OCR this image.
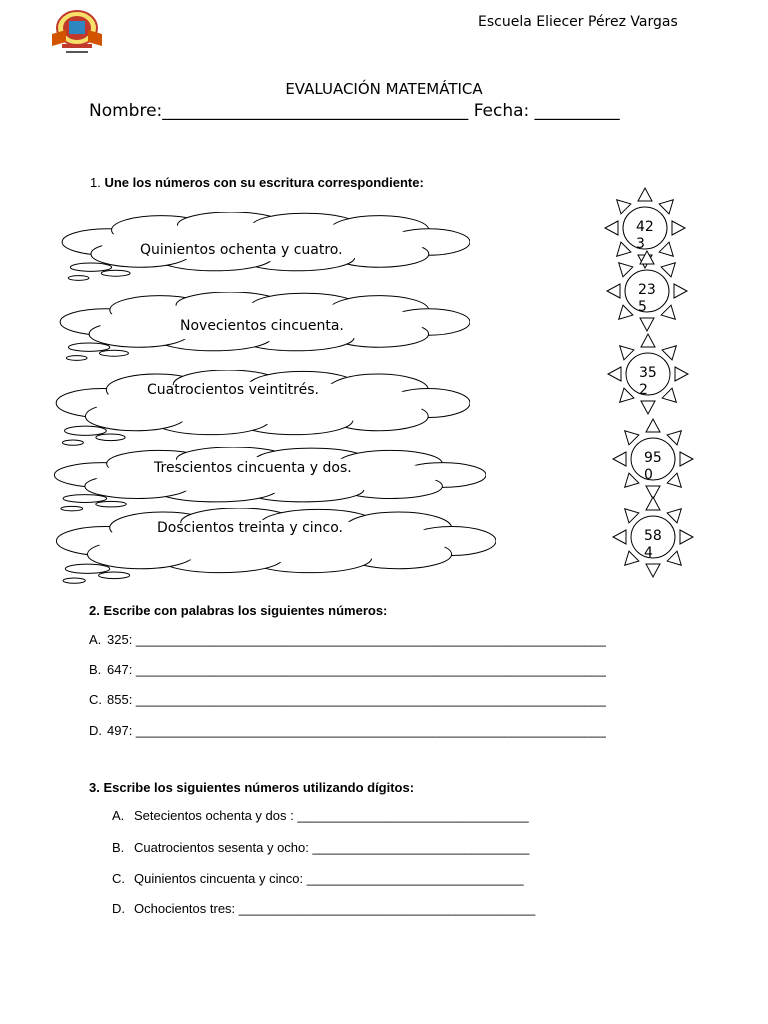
Escuela Eliecer Pérez Vargas
EVALUACIÓN MATEMÁTICA
Nombre:____________________________________ Fecha: __________
1. Une los números con su escritura correspondiente:
Quinientos ochenta y cuatro.
Novecientos cincuenta.
Cuatrocientos veintitrés.
Trescientos cincuenta y dos.
Doscientos treinta y cinco.
423
235
352
950
584
2. Escribe con palabras los siguientes números:
A. 325: _________________________________________________________________
B. 647: _________________________________________________________________
C. 855: _________________________________________________________________
D. 497: _________________________________________________________________
3. Escribe los siguientes números utilizando dígitos:
A. Setecientos ochenta y dos : ________________________________
B. Cuatrocientos sesenta y ocho: ______________________________
C. Quinientos cincuenta y cinco: ______________________________
D. Ochocientos tres: _________________________________________
